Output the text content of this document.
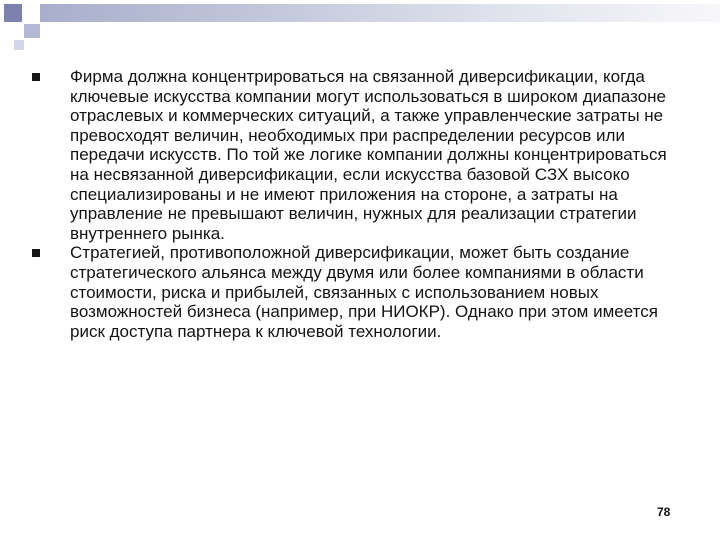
Фирма должна концентрироваться на связанной диверсификации, когда ключевые искусства компании могут использоваться в широком диапазоне отраслевых и коммерческих ситуаций, а также управленческие затраты не превосходят величин, необходимых при распределении ресурсов или передачи искусств. По той же логике компании должны концентрироваться на несвязанной диверсификации, если искусства базовой СЗХ высоко специализированы и не имеют приложения на стороне, а затраты на управление не превышают величин, нужных для реализации стратегии внутреннего рынка.
Стратегией, противоположной диверсификации, может быть создание стратегического альянса между двумя или более компаниями в области стоимости, риска и прибылей, связанных с использованием новых возможностей бизнеса (например, при НИОКР). Однако при этом имеется риск доступа партнера к ключевой технологии.
78
